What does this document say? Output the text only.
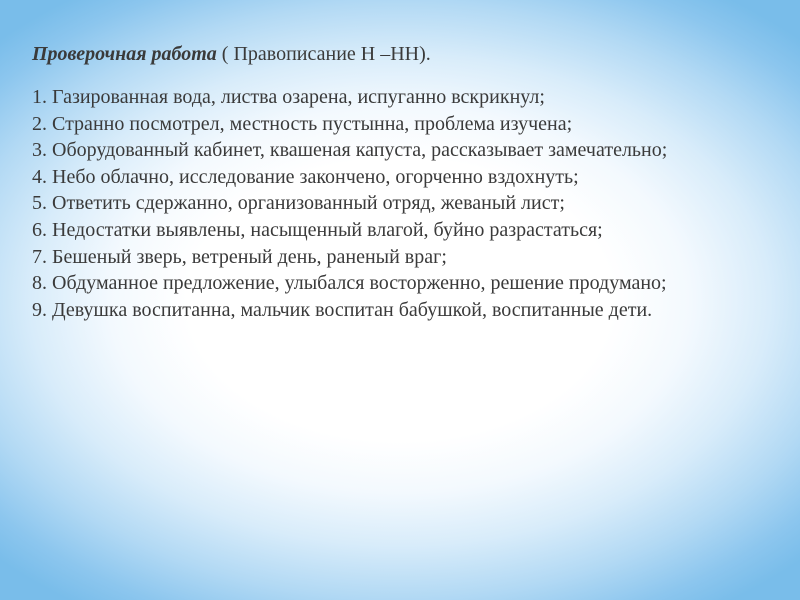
Проверочная работа ( Правописание Н –НН).
1. Газированная вода, листва озарена, испуганно вскрикнул;
2. Странно посмотрел, местность пустынна, проблема изучена;
3. Оборудованный кабинет, квашеная капуста, рассказывает замечательно;
4. Небо облачно, исследование закончено, огорченно вздохнуть;
5. Ответить сдержанно, организованный отряд, жеваный лист;
6. Недостатки выявлены, насыщенный влагой, буйно разрастаться;
7. Бешеный зверь, ветреный день, раненый враг;
8. Обдуманное предложение, улыбался восторженно, решение продумано;
9. Девушка воспитанна, мальчик воспитан бабушкой, воспитанные дети.
